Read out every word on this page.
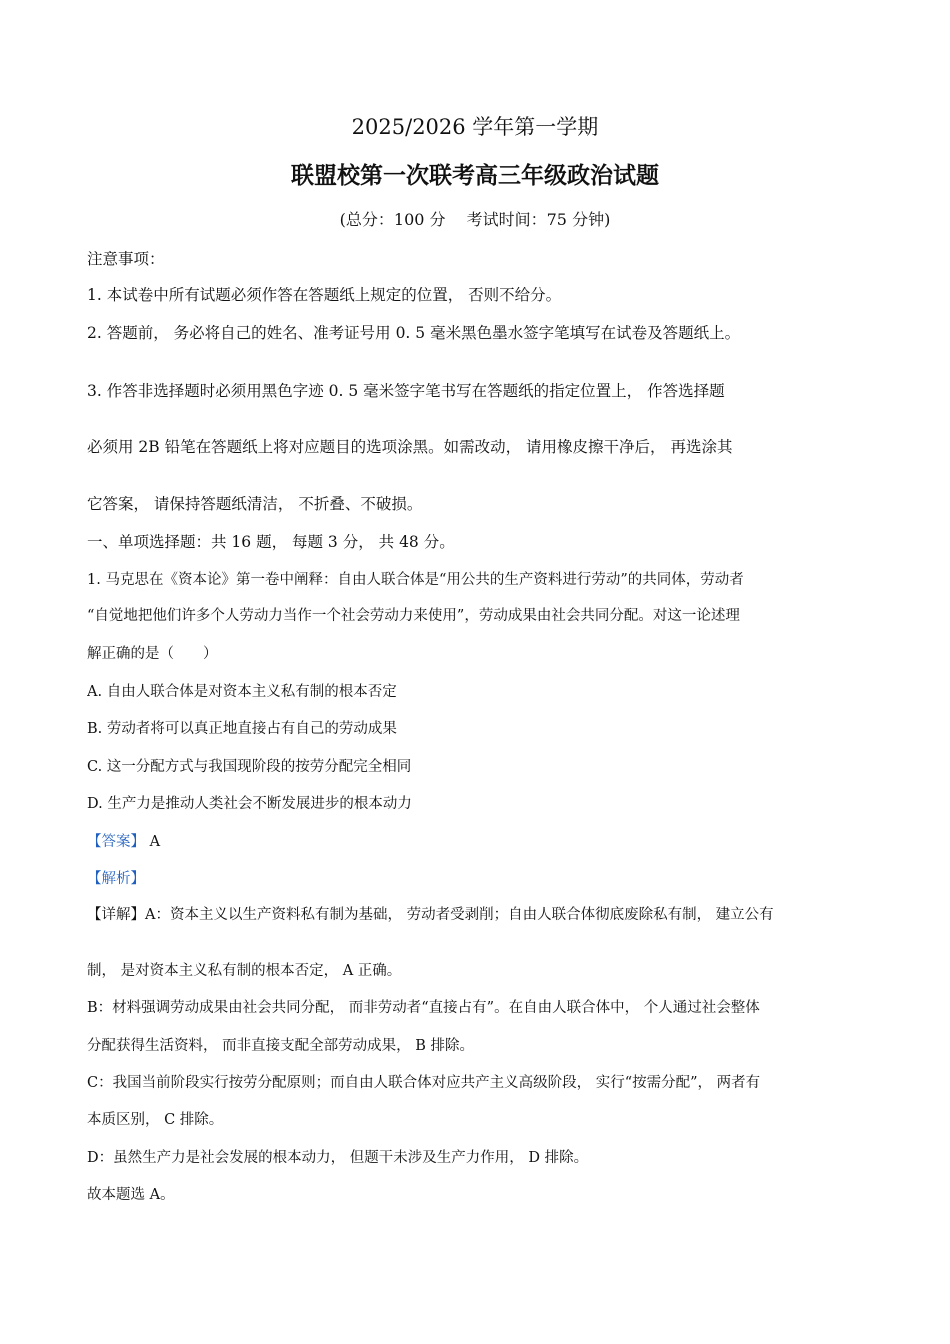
2025/2026 学年第一学期
联盟校第一次联考高三年级政治试题
(总分：100 分　 考试时间：75 分钟)
注意事项：
1. 本试卷中所有试题必须作答在答题纸上规定的位置， 否则不给分。
2. 答题前， 务必将自己的姓名、准考证号用 0. 5 毫米黑色墨水签字笔填写在试卷及答题纸上。
3. 作答非选择题时必须用黑色字迹 0. 5 毫米签字笔书写在答题纸的指定位置上， 作答选择题
必须用 2B 铅笔在答题纸上将对应题目的选项涂黑。如需改动， 请用橡皮擦干净后， 再选涂其
它答案， 请保持答题纸清洁， 不折叠、不破损。
一、单项选择题：共 16 题， 每题 3 分， 共 48 分。
1. 马克思在《资本论》第一卷中阐释：自由人联合体是“用公共的生产资料进行劳动”的共同体，劳动者
“自觉地把他们许多个人劳动力当作一个社会劳动力来使用”，劳动成果由社会共同分配。对这一论述理
解正确的是（　　）
A. 自由人联合体是对资本主义私有制的根本否定
B. 劳动者将可以真正地直接占有自己的劳动成果
C. 这一分配方式与我国现阶段的按劳分配完全相同
D. 生产力是推动人类社会不断发展进步的根本动力
【答案】 A
【解析】
【详解】A：资本主义以生产资料私有制为基础， 劳动者受剥削；自由人联合体彻底废除私有制， 建立公有
制， 是对资本主义私有制的根本否定， A 正确。
B：材料强调劳动成果由社会共同分配， 而非劳动者“直接占有”。在自由人联合体中， 个人通过社会整体
分配获得生活资料， 而非直接支配全部劳动成果， B 排除。
C：我国当前阶段实行按劳分配原则；而自由人联合体对应共产主义高级阶段， 实行“按需分配”， 两者有
本质区别， C 排除。
D：虽然生产力是社会发展的根本动力， 但题干未涉及生产力作用， D 排除。
故本题选 A。
